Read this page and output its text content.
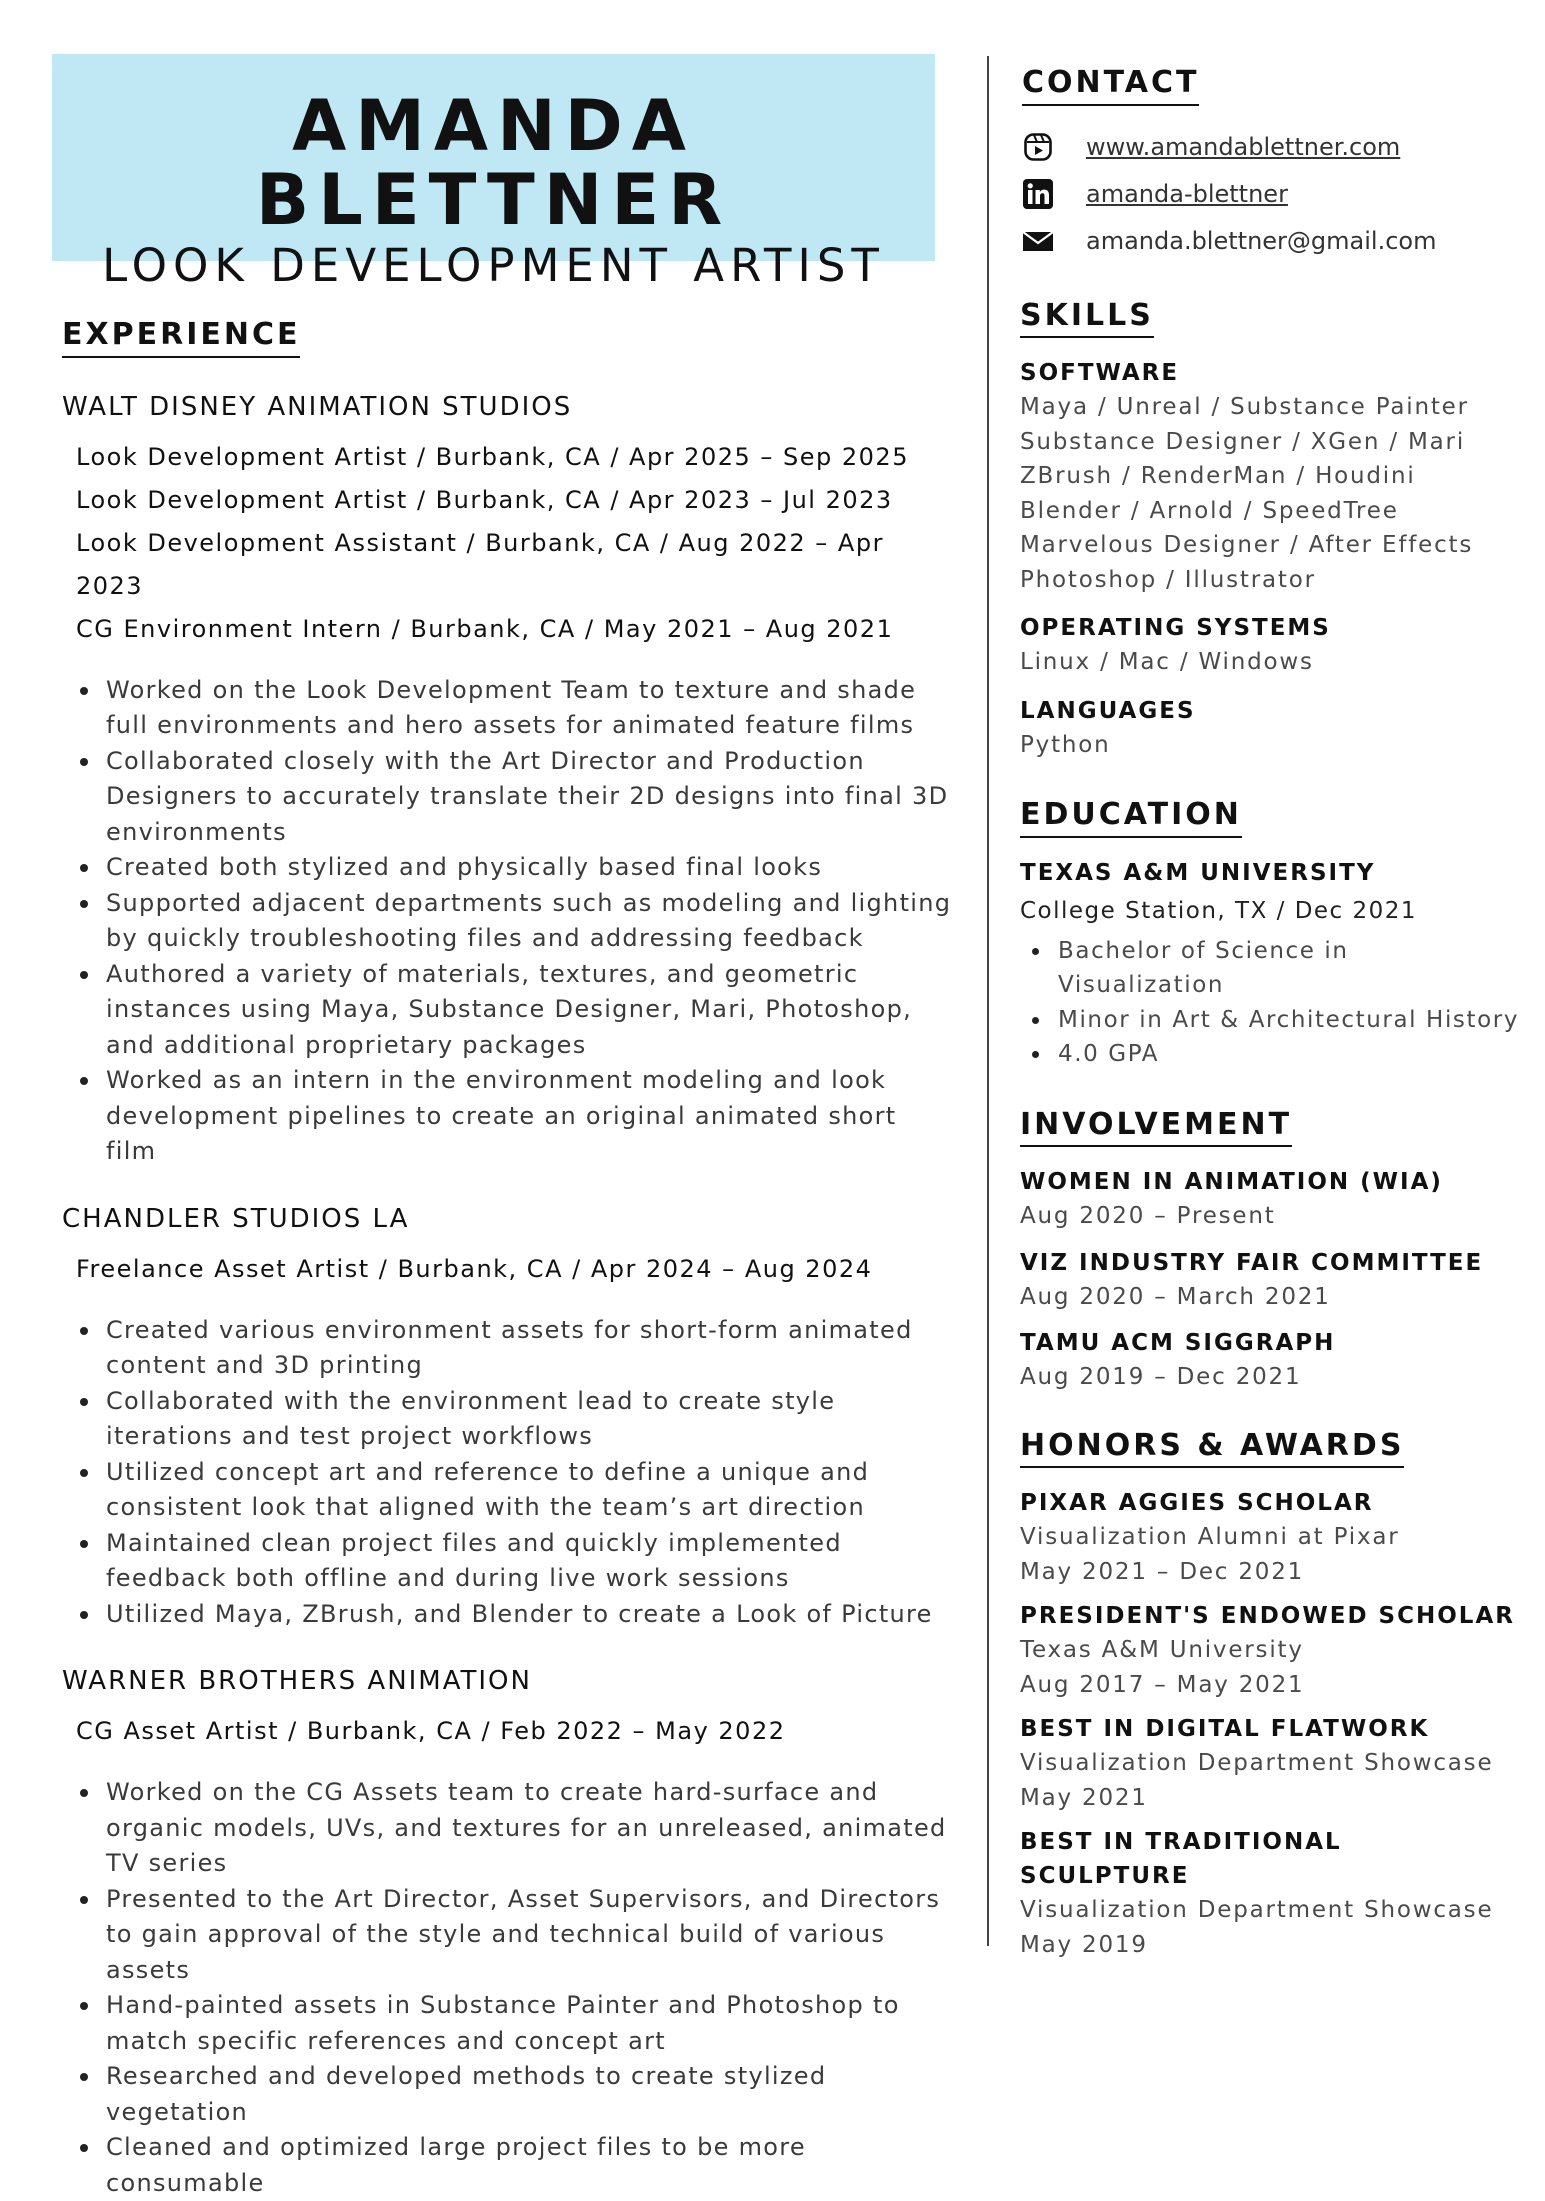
AMANDA BLETTNER
LOOK DEVELOPMENT ARTIST
EXPERIENCE
WALT DISNEY ANIMATION STUDIOS
Look Development Artist / Burbank, CA / Apr 2025 – Sep 2025
Look Development Artist / Burbank, CA / Apr 2023 – Jul 2023
Look Development Assistant / Burbank, CA / Aug 2022 – Apr 2023
CG Environment Intern / Burbank, CA / May 2021 – Aug 2021
Worked on the Look Development Team to texture and shade full environments and hero assets for animated feature films
Collaborated closely with the Art Director and Production Designers to accurately translate their 2D designs into final 3D environments
Created both stylized and physically based final looks
Supported adjacent departments such as modeling and lighting by quickly troubleshooting files and addressing feedback
Authored a variety of materials, textures, and geometric instances using Maya, Substance Designer, Mari, Photoshop, and additional proprietary packages
Worked as an intern in the environment modeling and look development pipelines to create an original animated short film
CHANDLER STUDIOS LA
Freelance Asset Artist / Burbank, CA / Apr 2024 – Aug 2024
Created various environment assets for short-form animated content and 3D printing
Collaborated with the environment lead to create style iterations and test project workflows
Utilized concept art and reference to define a unique and consistent look that aligned with the team’s art direction
Maintained clean project files and quickly implemented feedback both offline and during live work sessions
Utilized Maya, ZBrush, and Blender to create a Look of Picture
WARNER BROTHERS ANIMATION
CG Asset Artist / Burbank, CA / Feb 2022 – May 2022
Worked on the CG Assets team to create hard-surface and organic models, UVs, and textures for an unreleased, animated TV series
Presented to the Art Director, Asset Supervisors, and Directors to gain approval of the style and technical build of various assets
Hand-painted assets in Substance Painter and Photoshop to match specific references and concept art
Researched and developed methods to create stylized vegetation
Cleaned and optimized large project files to be more consumable
CONTACT
www.amandablettner.com
amanda-blettner
amanda.blettner@gmail.com
SKILLS
SOFTWARE
Maya / Unreal / Substance Painter
Substance Designer / XGen / Mari
ZBrush / RenderMan / Houdini
Blender / Arnold / SpeedTree
Marvelous Designer / After Effects
Photoshop / Illustrator
OPERATING SYSTEMS
Linux / Mac / Windows
LANGUAGES
Python
EDUCATION
TEXAS A&M UNIVERSITY
College Station, TX / Dec 2021
Bachelor of Science in Visualization
Minor in Art & Architectural History
4.0 GPA
INVOLVEMENT
WOMEN IN ANIMATION (WIA)
Aug 2020 – Present
VIZ INDUSTRY FAIR COMMITTEE
Aug 2020 – March 2021
TAMU ACM SIGGRAPH
Aug 2019 – Dec 2021
HONORS & AWARDS
PIXAR AGGIES SCHOLAR
Visualization Alumni at Pixar
May 2021 – Dec 2021
PRESIDENT'S ENDOWED SCHOLAR
Texas A&M University
Aug 2017 – May 2021
BEST IN DIGITAL FLATWORK
Visualization Department Showcase
May 2021
BEST IN TRADITIONAL SCULPTURE
Visualization Department Showcase
May 2019
